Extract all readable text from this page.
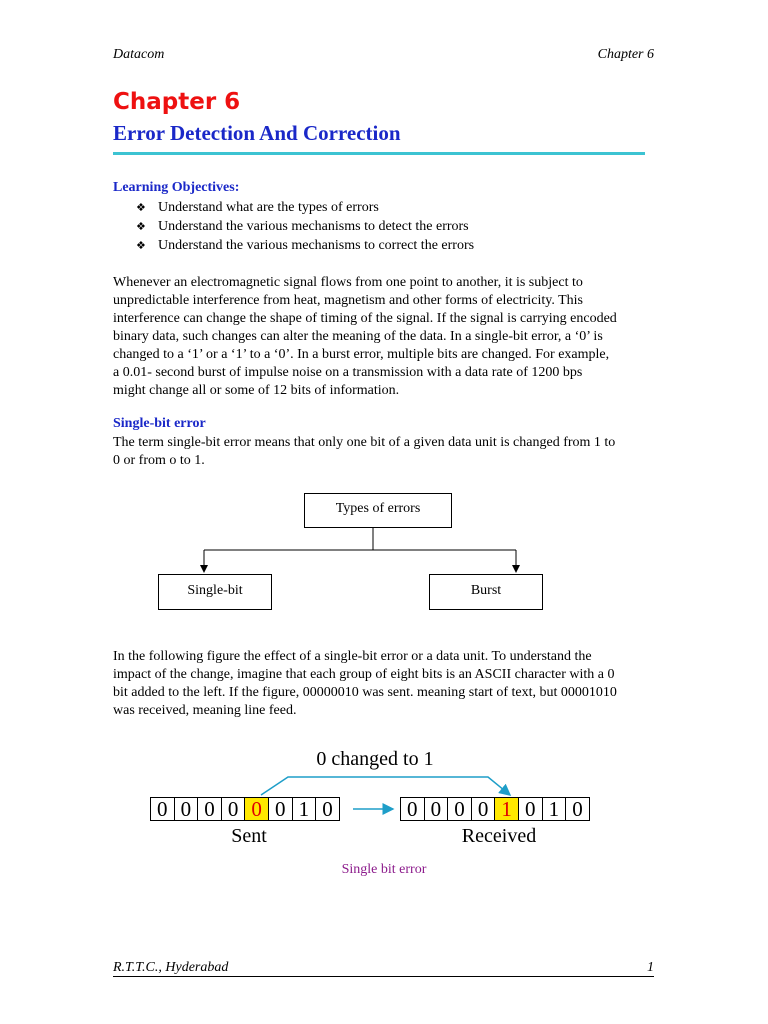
Datacom	Chapter 6
Chapter 6
Error Detection And Correction
Learning Objectives:
❖ Understand what are the types of errors
❖ Understand the various mechanisms to detect the errors
❖ Understand the various mechanisms to correct the errors
Whenever an electromagnetic signal flows from one point to another, it is subject to
unpredictable interference from heat, magnetism and other forms of electricity. This
interference can change the shape of timing of the signal. If the signal is carrying encoded
binary data, such changes can alter the meaning of the data. In a single-bit error, a ‘0’ is
changed to a ‘1’ or a ‘1’ to a ‘0’. In a burst error, multiple bits are changed. For example,
a 0.01- second burst of impulse noise on a transmission with a data rate of 1200 bps
might change all or some of 12 bits of information.
Single-bit error
The term single-bit error means that only one bit of a given data unit is changed from 1 to
0 or from o to 1.
Types of errors
Single-bit	Burst
In the following figure the effect of a single-bit error or a data unit. To understand the
impact of the change, imagine that each group of eight bits is an ASCII character with a 0
bit added to the left. If the figure, 00000010 was sent. meaning start of text, but 00001010
was received, meaning line feed.
0 changed to 1
0 0 0 0 0 0 1 0	0 0 0 0 1 0 1 0
Sent	Received
Single bit error
R.T.T.C., Hyderabad	1
